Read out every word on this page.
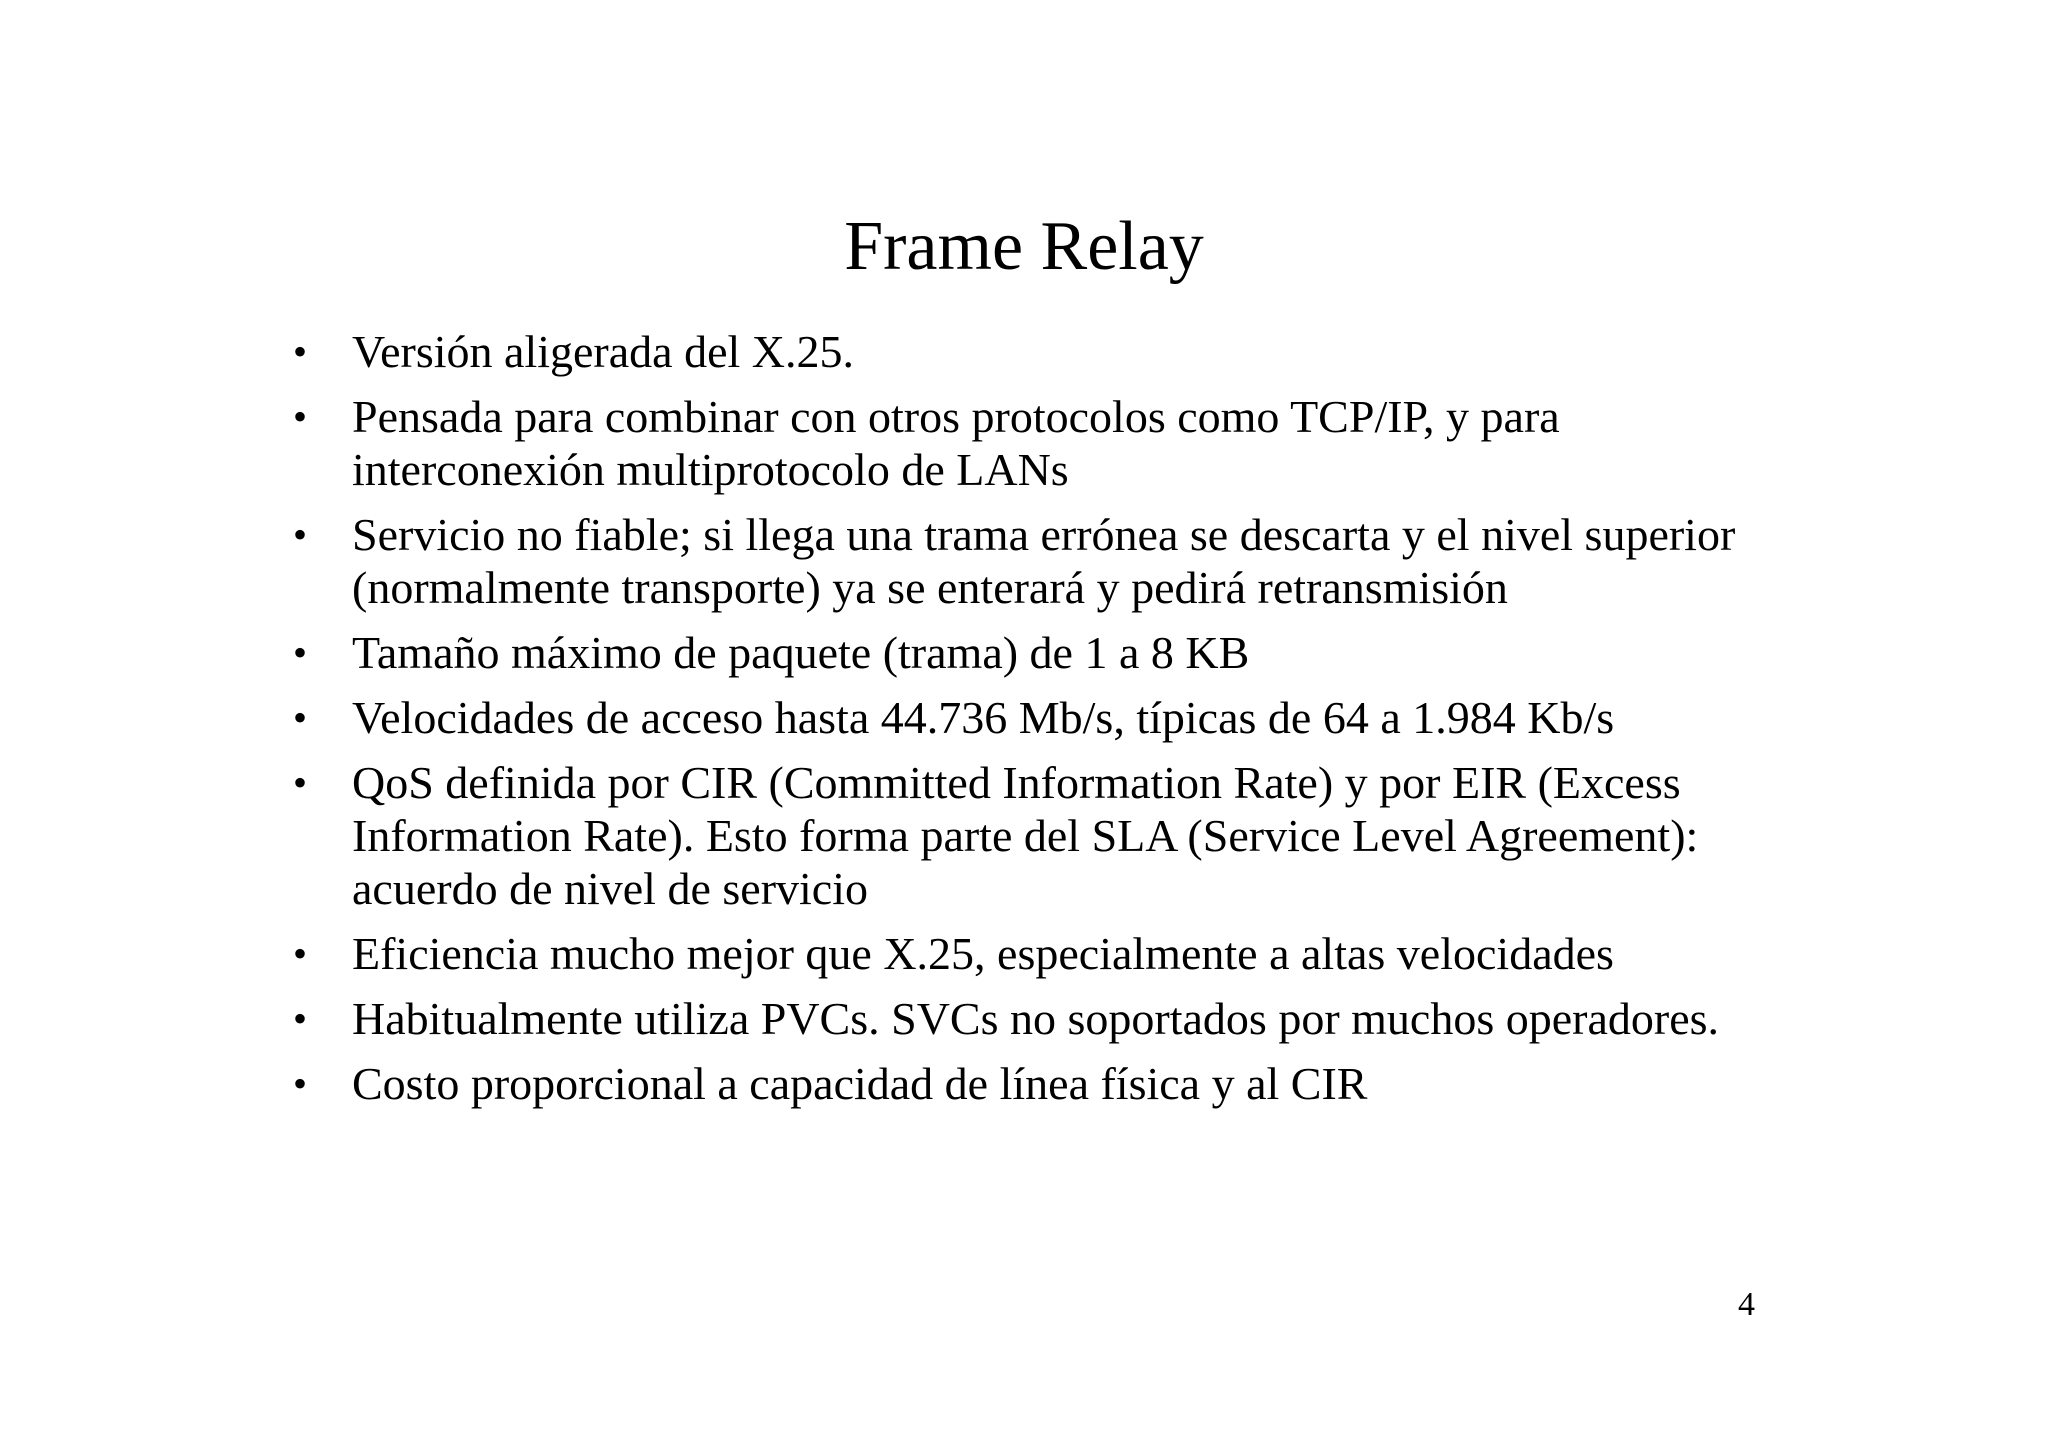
Frame Relay
• Versión aligerada del X.25.
• Pensada para combinar con otros protocolos como TCP/IP, y para interconexión multiprotocolo de LANs
• Servicio no fiable; si llega una trama errónea se descarta y el nivel superior (normalmente transporte) ya se enterará y pedirá retransmisión
• Tamaño máximo de paquete (trama) de 1 a 8 KB
• Velocidades de acceso hasta 44.736 Mb/s, típicas de 64 a 1.984 Kb/s
• QoS definida por CIR (Committed Information Rate) y por EIR (Excess Information Rate). Esto forma parte del SLA (Service Level Agreement): acuerdo de nivel de servicio
• Eficiencia mucho mejor que X.25, especialmente a altas velocidades
• Habitualmente utiliza PVCs. SVCs no soportados por muchos operadores.
• Costo proporcional a capacidad de línea física y al CIR
4
